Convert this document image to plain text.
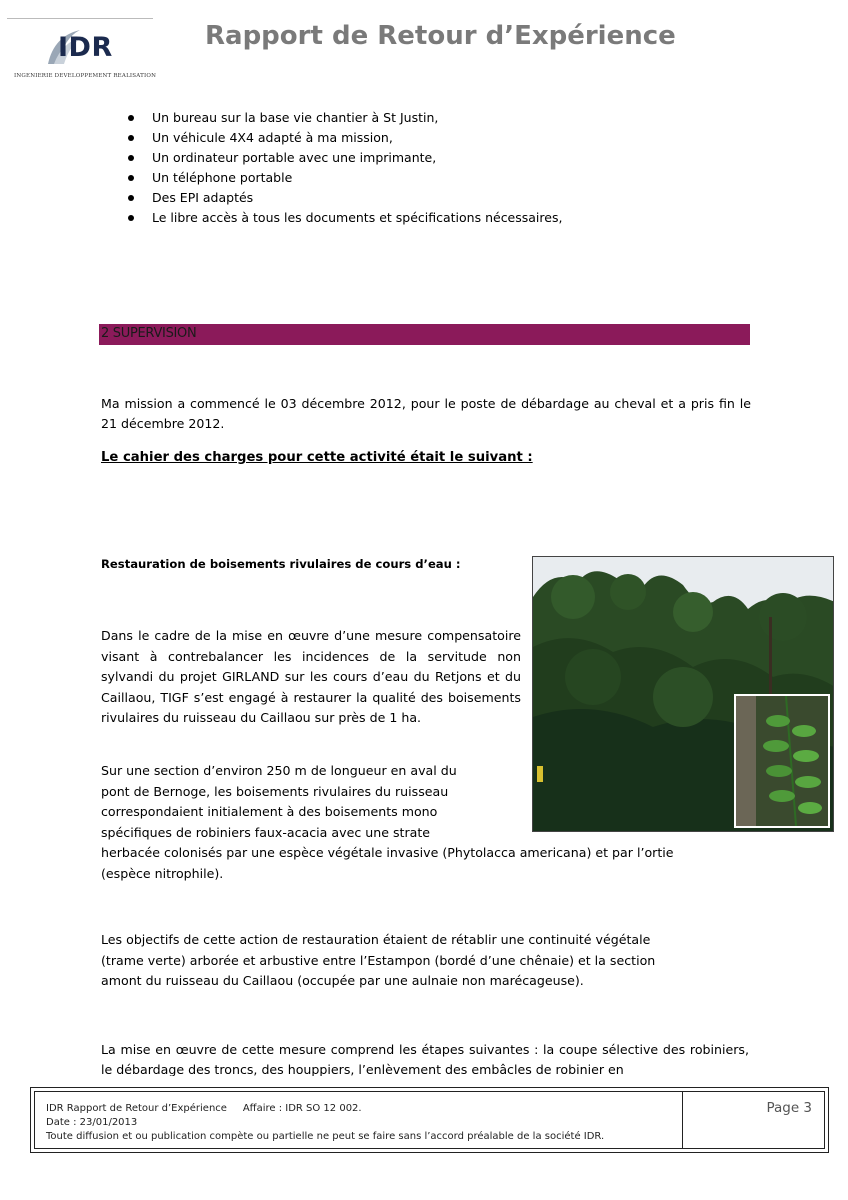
IDR
INGENIERIE DEVELOPPEMENT REALISATION
Rapport de Retour d’Expérience
Un bureau sur la base vie chantier à St Justin,
Un véhicule 4X4 adapté à ma mission,
Un ordinateur portable avec une imprimante,
Un téléphone portable
Des EPI adaptés
Le libre accès à tous les documents et spécifications nécessaires,
2 SUPERVISION
Ma mission a commencé le 03 décembre 2012, pour le poste de débardage au cheval et a pris fin le 21 décembre 2012.
Le cahier des charges pour cette activité était le suivant :
Restauration de boisements rivulaires de cours d’eau :
Dans le cadre de la mise en œuvre d’une mesure compensatoire visant à contrebalancer les incidences de la servitude non sylvandi du projet GIRLAND sur les cours d’eau du Retjons et du Caillaou, TIGF s’est engagé à restaurer la qualité des boisements rivulaires du ruisseau du Caillaou sur près de 1 ha.
Sur une section d’environ 250 m de longueur en aval du
pont de Bernoge, les boisements rivulaires du ruisseau
correspondaient initialement à des boisements mono
spécifiques de robiniers faux-acacia avec une strate
herbacée colonisés par une espèce végétale invasive (Phytolacca americana) et par l’ortie
(espèce nitrophile).
Les objectifs de cette action de restauration étaient de rétablir une continuité végétale
(trame verte) arborée et arbustive entre l’Estampon (bordé d’une chênaie) et la section
amont du ruisseau du Caillaou (occupée par une aulnaie non marécageuse).
La mise en œuvre de cette mesure comprend les étapes suivantes : la coupe sélective des robiniers, le débardage des troncs, des houppiers, l’enlèvement des embâcles de robinier en
IDR Rapport de Retour d’Expérience     Affaire : IDR SO 12 002.
Date : 23/01/2013
Toute diffusion et ou publication compète ou partielle ne peut se faire sans l’accord préalable de la société IDR.
Page 3
